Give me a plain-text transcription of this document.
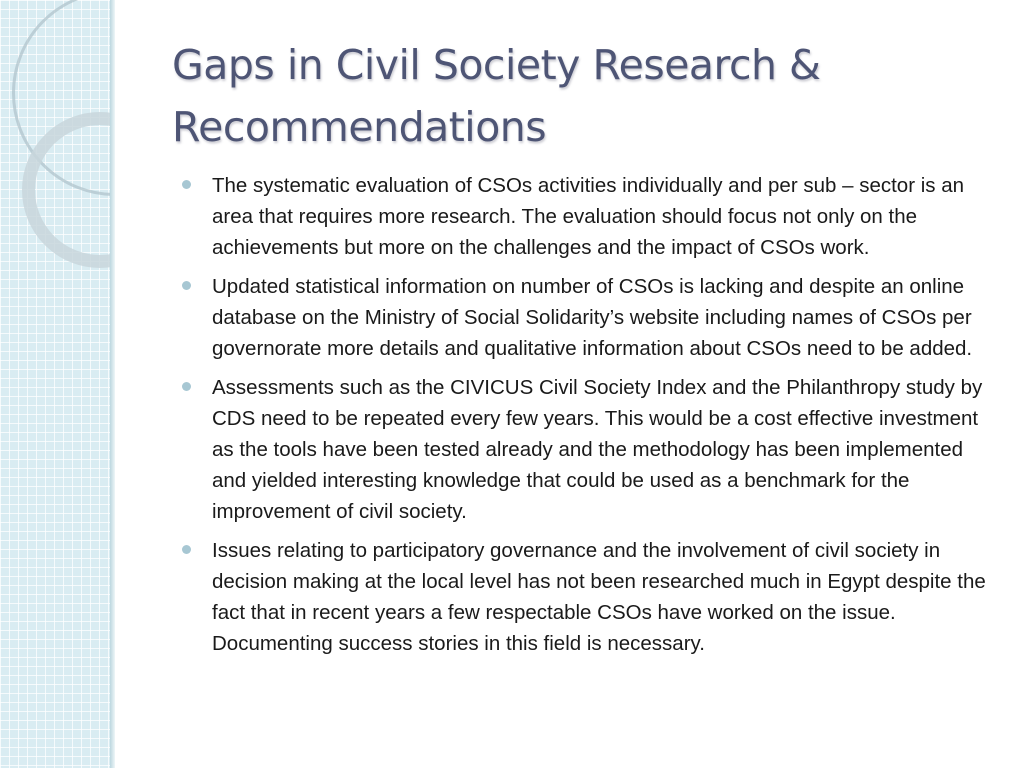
Gaps in Civil Society Research & Recommendations
The systematic evaluation of CSOs activities individually and per sub – sector is an area that requires more research. The evaluation should focus not only on the achievements but more on the challenges and the impact of CSOs work.
Updated statistical information on number of CSOs is lacking and despite an online database on the Ministry of Social Solidarity’s website including names of CSOs per governorate more details and qualitative information about CSOs need to be added.
Assessments such as the CIVICUS Civil Society Index and the Philanthropy study by CDS need to be repeated every few years. This would be a cost effective investment as the tools have been tested already and the methodology has been implemented and yielded interesting knowledge that could be used as a benchmark for the improvement of civil society.
Issues relating to participatory governance and the involvement of civil society in decision making at the local level has not been researched much in Egypt despite the fact that in recent years a few respectable CSOs have worked on the issue. Documenting success stories in this field is necessary.
